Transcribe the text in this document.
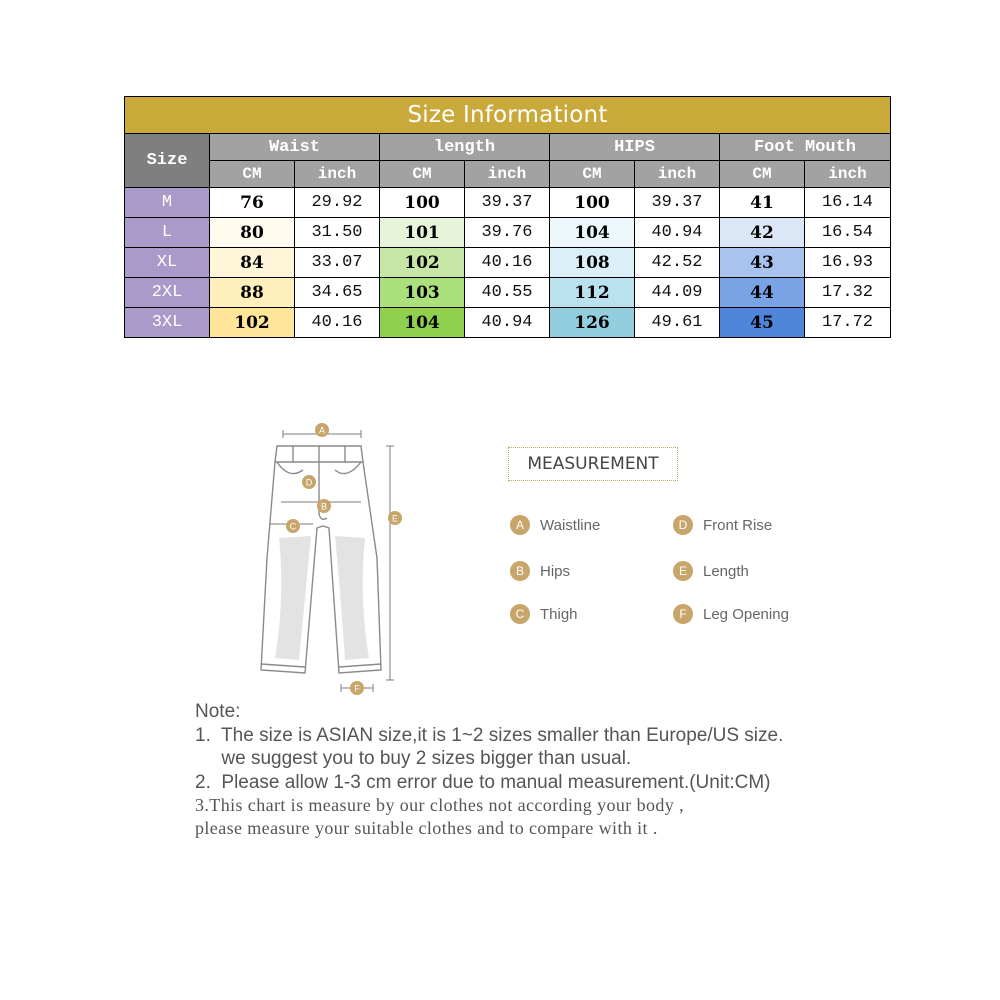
Size Informationt								
Size	Waist		length		HIPS		Foot Mouth	
	CM	inch	CM	inch	CM	inch	CM	inch
M	76	29.92	100	39.37	100	39.37	41	16.14
L	80	31.50	101	39.76	104	40.94	42	16.54
XL	84	33.07	102	40.16	108	42.52	43	16.93
2XL	88	34.65	103	40.55	112	44.09	44	17.32
3XL	102	40.16	104	40.94	126	49.61	45	17.72
A
B
C
D
E
F
MEASUREMENT
A	Waistline
B	Hips
C	Thigh
D	Front Rise
E	Length
F	Leg Opening
Note:
1.  The size is ASIAN size,it is 1~2 sizes smaller than Europe/US size.
we suggest you to buy 2 sizes bigger than usual.
2.  Please allow 1-3 cm error due to manual measurement.(Unit:CM)
3.This chart is measure by our clothes not according your body ,
please measure your suitable clothes and to compare with it .
